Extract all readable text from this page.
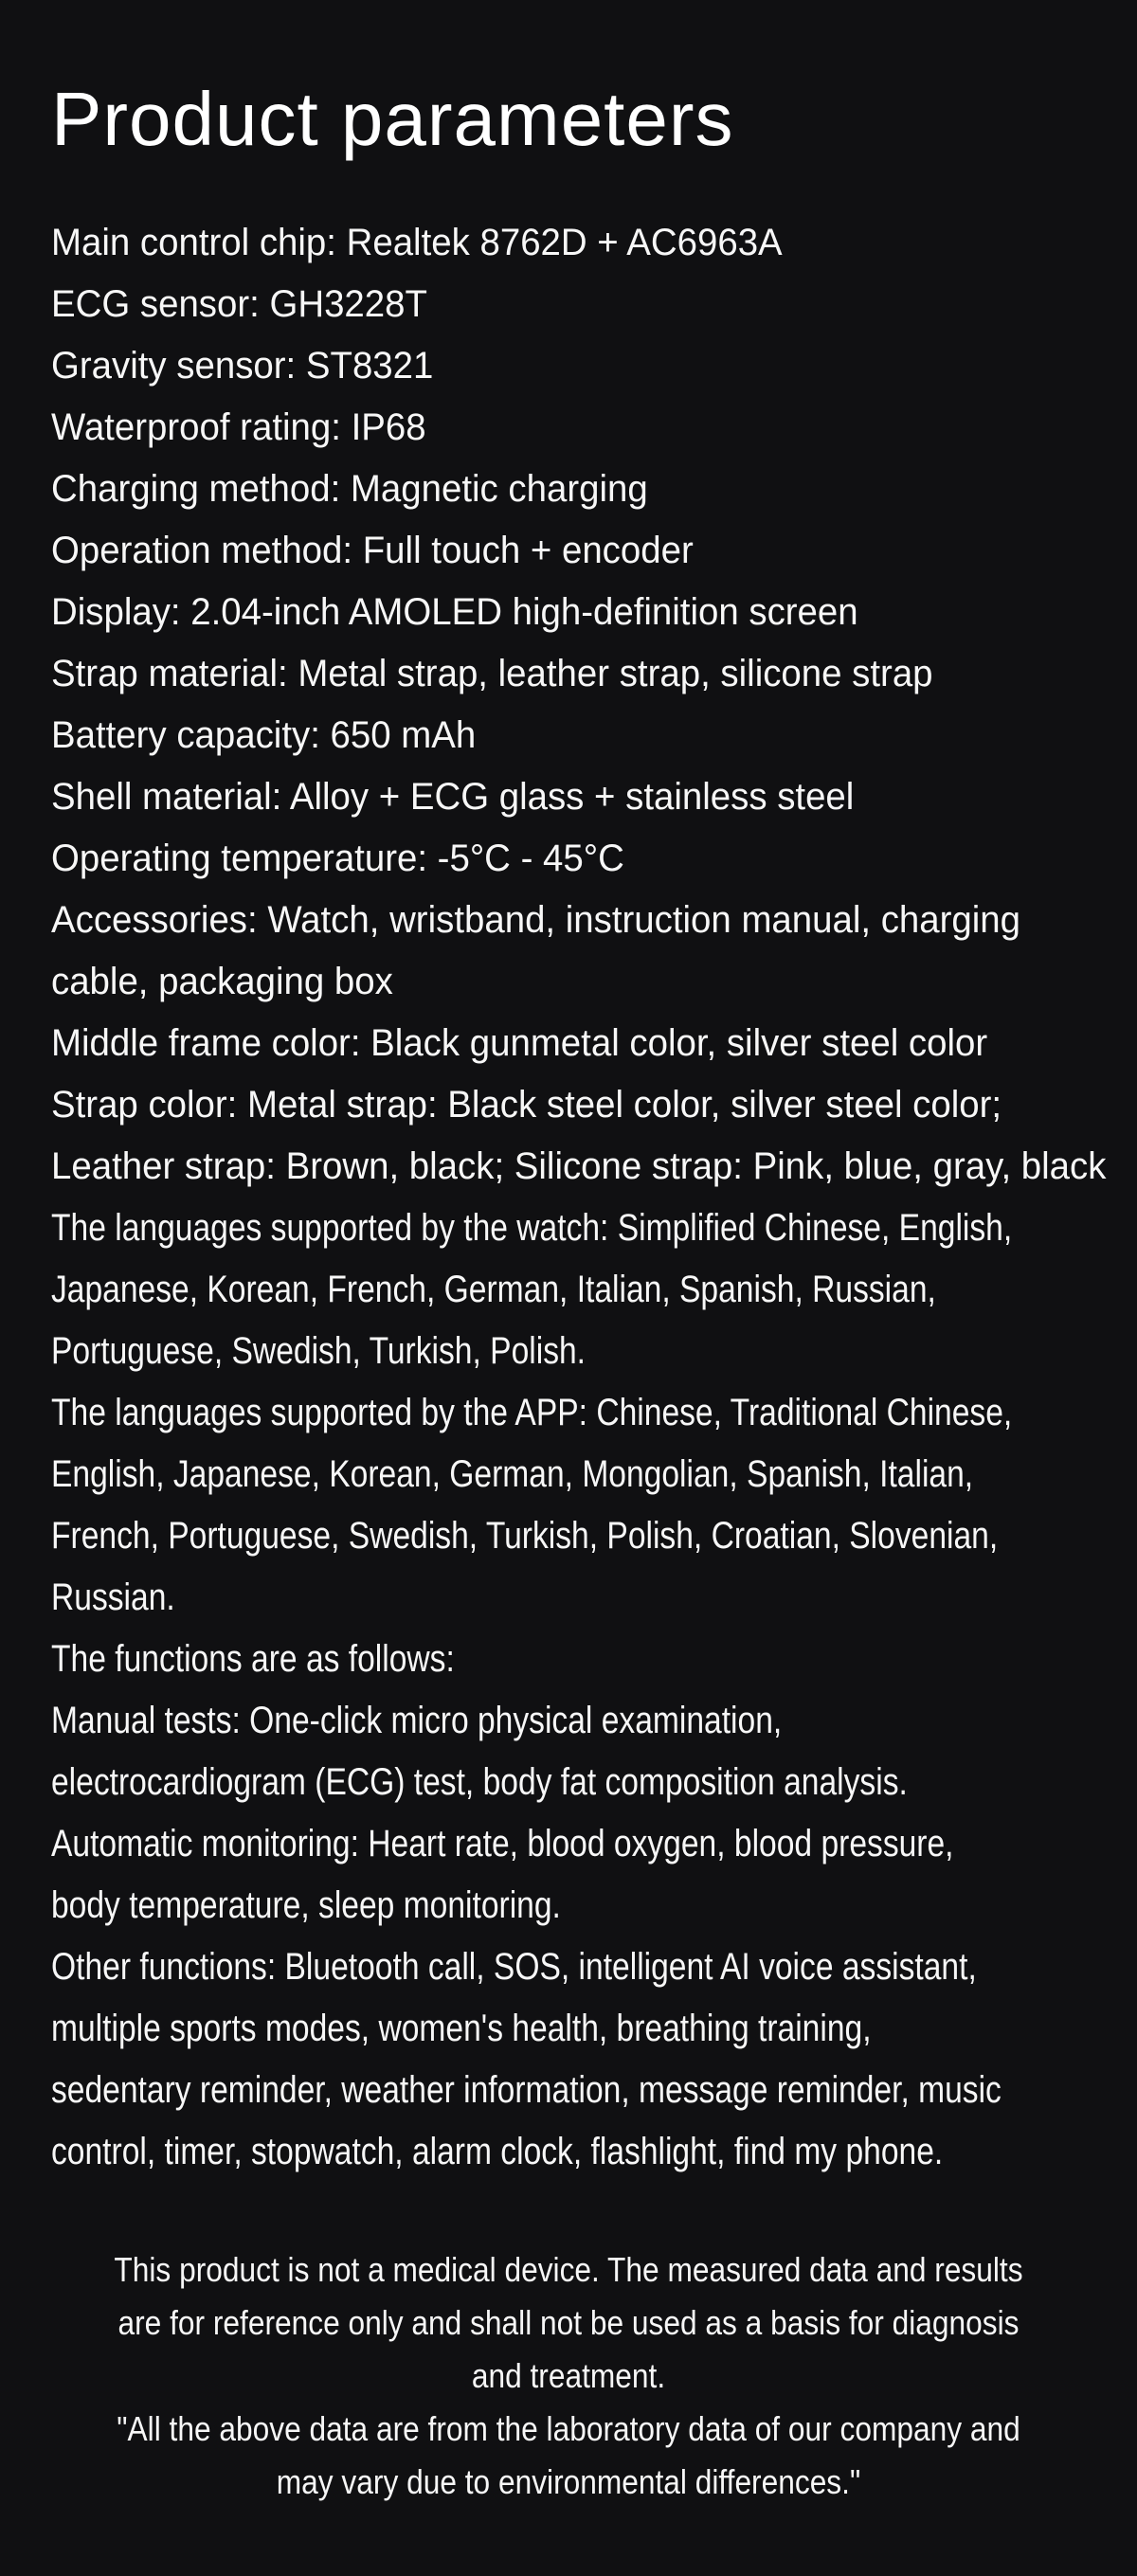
Product parameters
Main control chip: Realtek 8762D + AC6963A
ECG sensor: GH3228T
Gravity sensor: ST8321
Waterproof rating: IP68
Charging method: Magnetic charging
Operation method: Full touch + encoder
Display: 2.04-inch AMOLED high-definition screen
Strap material: Metal strap, leather strap, silicone strap
Battery capacity: 650 mAh
Shell material: Alloy + ECG glass + stainless steel
Operating temperature: -5°C - 45°C
Accessories: Watch, wristband, instruction manual, charging
cable, packaging box
Middle frame color: Black gunmetal color, silver steel color
Strap color: Metal strap: Black steel color, silver steel color;
Leather strap: Brown, black; Silicone strap: Pink, blue, gray, black
The languages supported by the watch: Simplified Chinese, English,
Japanese, Korean, French, German, Italian, Spanish, Russian,
Portuguese, Swedish, Turkish, Polish.
The languages supported by the APP: Chinese, Traditional Chinese,
English, Japanese, Korean, German, Mongolian, Spanish, Italian,
French, Portuguese, Swedish, Turkish, Polish, Croatian, Slovenian,
Russian.
The functions are as follows:
Manual tests: One-click micro physical examination,
electrocardiogram (ECG) test, body fat composition analysis.
Automatic monitoring: Heart rate, blood oxygen, blood pressure,
body temperature, sleep monitoring.
Other functions: Bluetooth call, SOS, intelligent AI voice assistant,
multiple sports modes, women's health, breathing training,
sedentary reminder, weather information, message reminder, music
control, timer, stopwatch, alarm clock, flashlight, find my phone.
This product is not a medical device. The measured data and results
are for reference only and shall not be used as a basis for diagnosis
and treatment.
"All the above data are from the laboratory data of our company and
may vary due to environmental differences."
